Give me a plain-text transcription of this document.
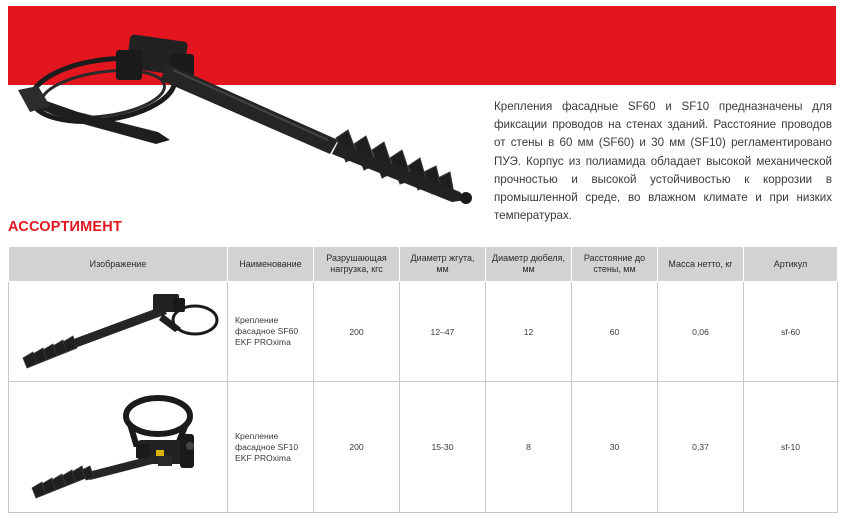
Крепления фасадные SF60 и SF10 предназначены для фиксации проводов на стенах зданий. Расстояние проводов от стены в 60 мм (SF60) и 30 мм (SF10) регламентировано ПУЭ. Корпус из полиамида обладает высокой механической прочностью и высокой устойчивостью к коррозии в промышленной среде, во влажном климате и при низких температурах.
АССОРТИМЕНТ
Изображение	Наименование	Разрушающая нагрузка, кгс	Диаметр жгута, мм	Диаметр дюбеля, мм	Расстояние до стены, мм	Масса нетто, кг	Артикул

	Крепление фасадное SF60 EKF PROxima	200	12–47	12	60	0,06	sf-60

	Крепление фасадное SF10 EKF PROxima	200	15-30	8	30	0,37	sf-10
